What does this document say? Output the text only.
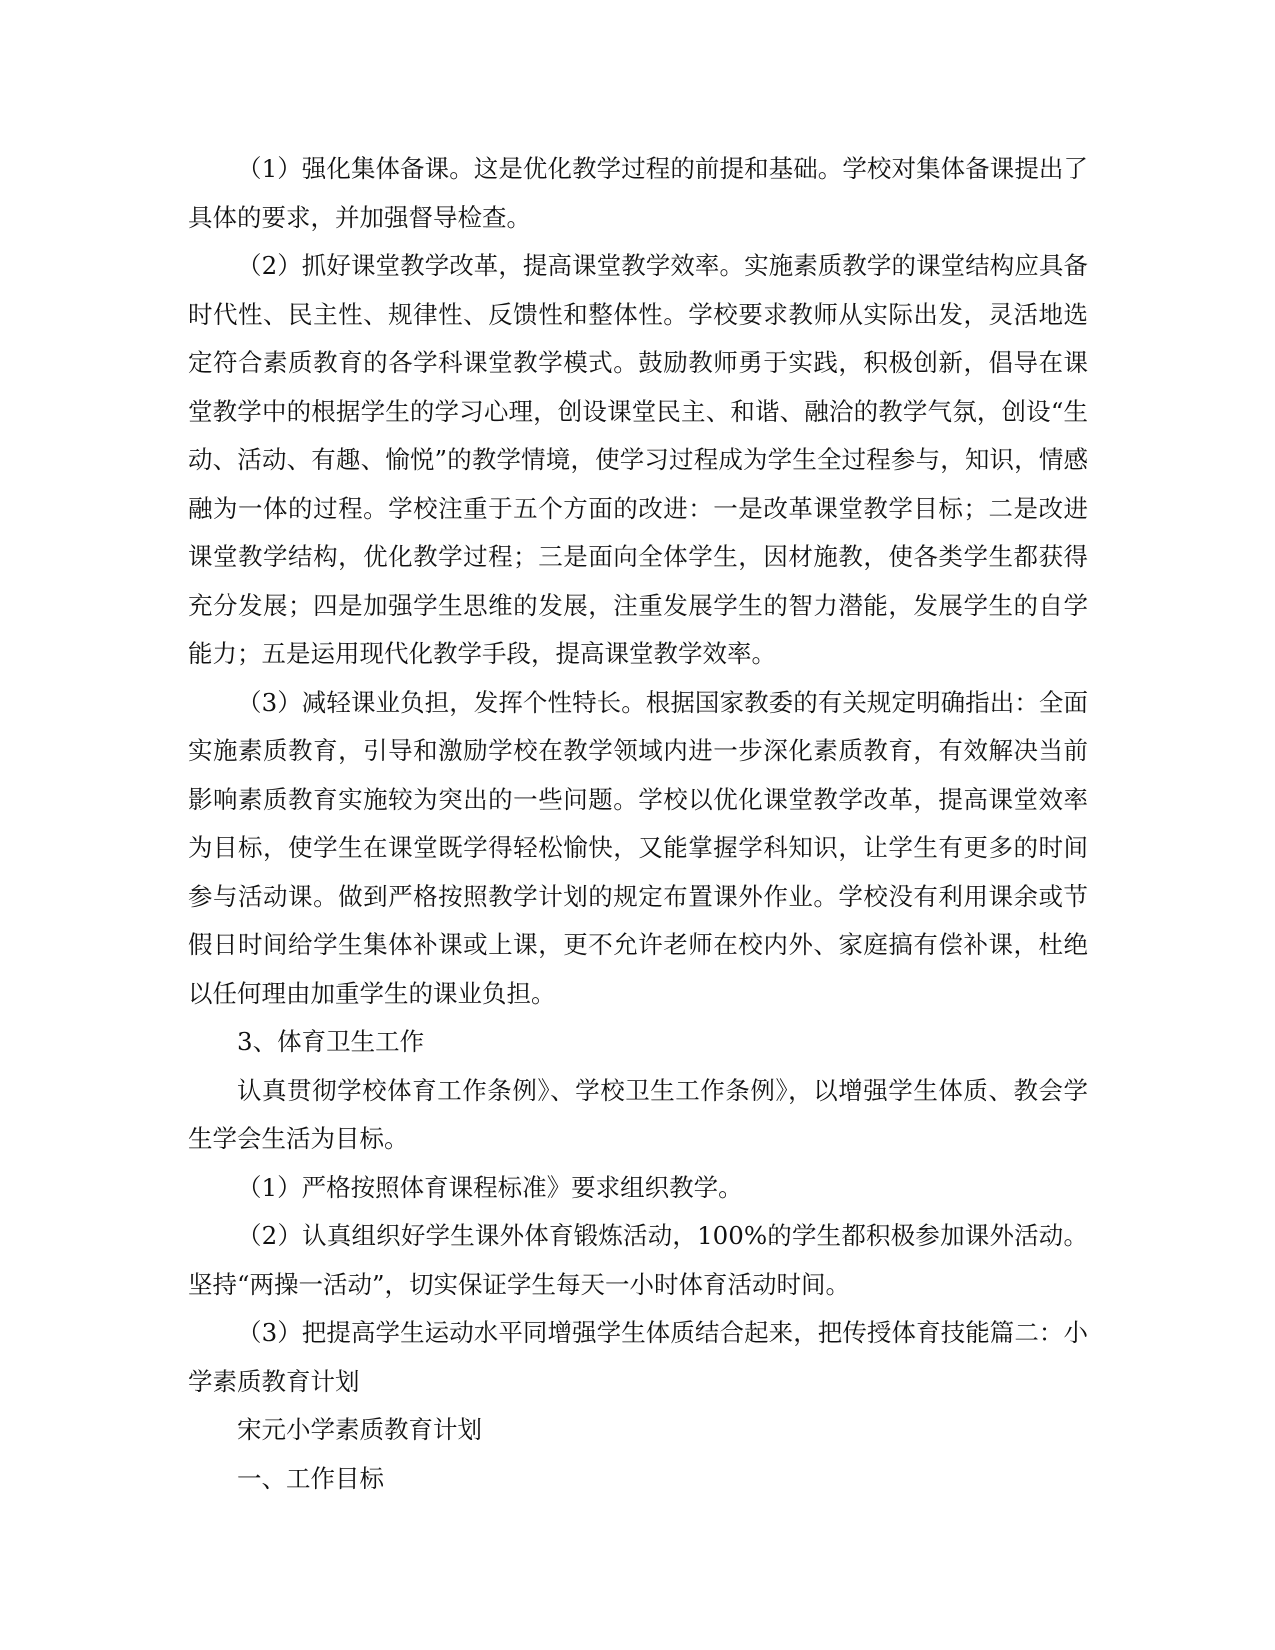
（1）强化集体备课。这是优化教学过程的前提和基础。学校对集体备课提出了具体的要求，并加强督导检查。

（2）抓好课堂教学改革，提高课堂教学效率。实施素质教学的课堂结构应具备时代性、民主性、规律性、反馈性和整体性。学校要求教师从实际出发，灵活地选定符合素质教育的各学科课堂教学模式。鼓励教师勇于实践，积极创新，倡导在课堂教学中的根据学生的学习心理，创设课堂民主、和谐、融洽的教学气氛，创设“生动、活动、有趣、愉悦”的教学情境，使学习过程成为学生全过程参与，知识，情感融为一体的过程。学校注重于五个方面的改进：一是改革课堂教学目标；二是改进课堂教学结构，优化教学过程；三是面向全体学生，因材施教，使各类学生都获得充分发展；四是加强学生思维的发展，注重发展学生的智力潜能，发展学生的自学能力；五是运用现代化教学手段，提高课堂教学效率。

（3）减轻课业负担，发挥个性特长。根据国家教委的有关规定明确指出：全面实施素质教育，引导和激励学校在教学领域内进一步深化素质教育，有效解决当前影响素质教育实施较为突出的一些问题。学校以优化课堂教学改革，提高课堂效率为目标，使学生在课堂既学得轻松愉快，又能掌握学科知识，让学生有更多的时间参与活动课。做到严格按照教学计划的规定布置课外作业。学校没有利用课余或节假日时间给学生集体补课或上课，更不允许老师在校内外、家庭搞有偿补课，杜绝以任何理由加重学生的课业负担。

3、体育卫生工作

认真贯彻学校体育工作条例》、学校卫生工作条例》，以增强学生体质、教会学生学会生活为目标。

（1）严格按照体育课程标准》要求组织教学。

（2）认真组织好学生课外体育锻炼活动，100%的学生都积极参加课外活动。坚持“两操一活动”，切实保证学生每天一小时体育活动时间。

（3）把提高学生运动水平同增强学生体质结合起来，把传授体育技能篇二：小学素质教育计划

宋元小学素质教育计划

一、工作目标
